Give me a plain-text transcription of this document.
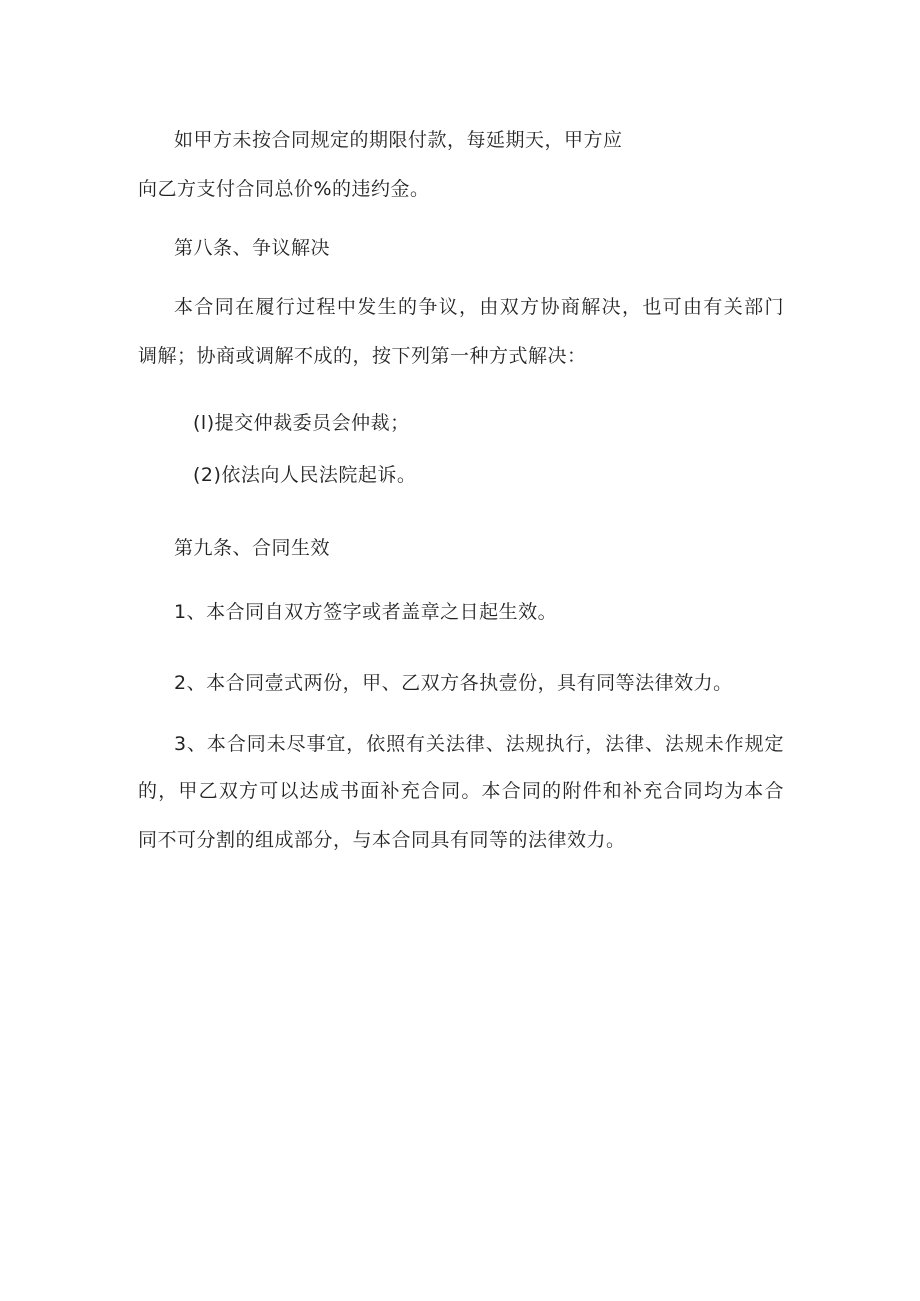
如甲方未按合同规定的期限付款，每延期天，甲方应
向乙方支付合同总价%的违约金。
第八条、争议解决
本合同在履行过程中发生的争议，由双方协商解决，也可由有关部门
调解；协商或调解不成的，按下列第一种方式解决：
(l)提交仲裁委员会仲裁；
(2)依法向人民法院起诉。
第九条、合同生效
1、本合同自双方签字或者盖章之日起生效。
2、本合同壹式两份，甲、乙双方各执壹份，具有同等法律效力。
3、本合同未尽事宜，依照有关法律、法规执行，法律、法规未作规定
的，甲乙双方可以达成书面补充合同。本合同的附件和补充合同均为本合
同不可分割的组成部分，与本合同具有同等的法律效力。
